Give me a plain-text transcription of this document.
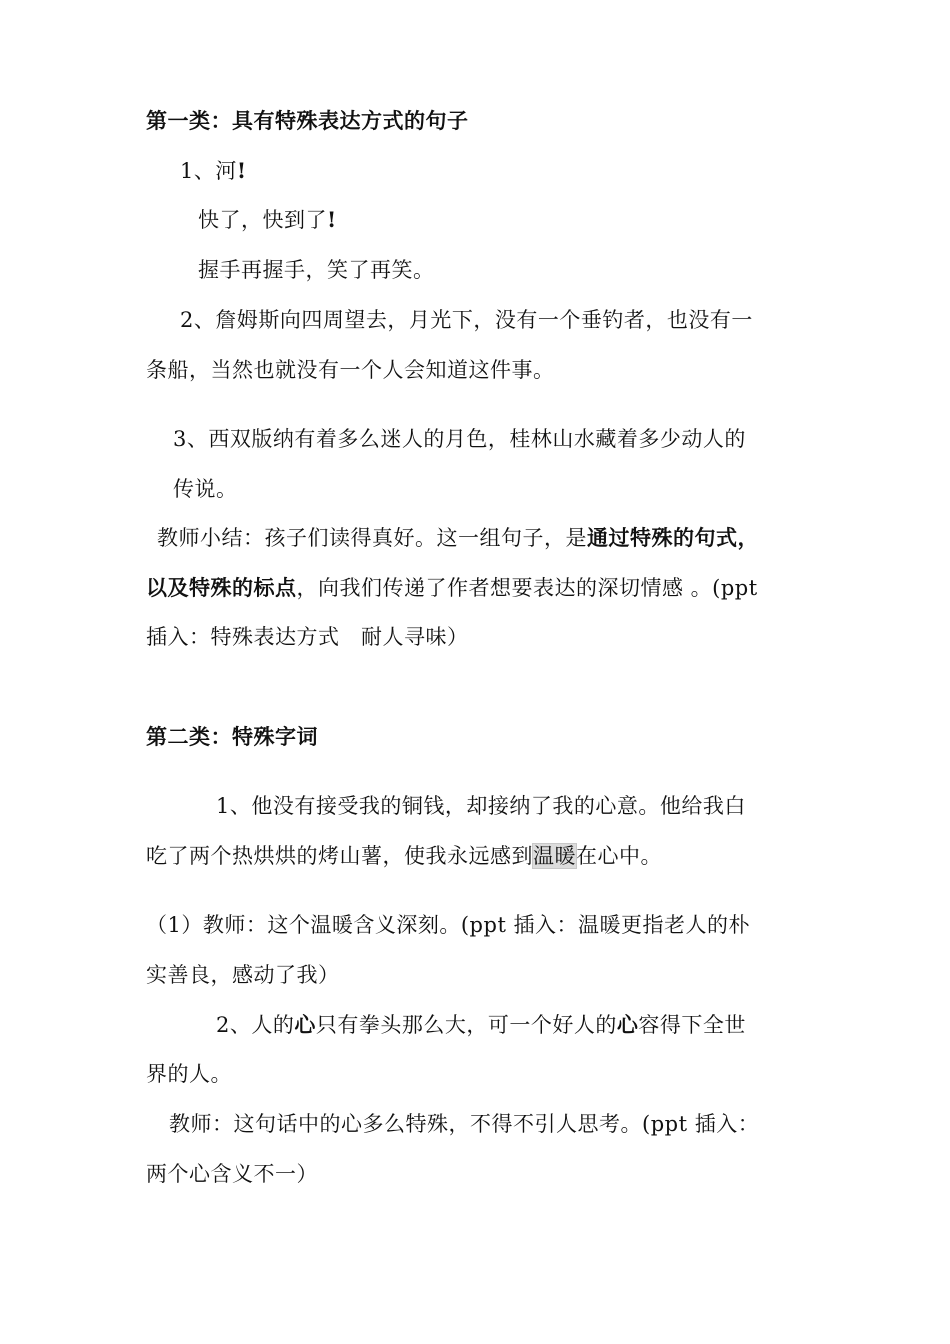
第一类：具有特殊表达方式的句子

1、河!

快了，快到了!

握手再握手，笑了再笑。

2、詹姆斯向四周望去，月光下，没有一个垂钓者，也没有一

条船，当然也就没有一个人会知道这件事。

3、西双版纳有着多么迷人的月色，桂林山水藏着多少动人的

传说。

教师小结：孩子们读得真好。这一组句子，是通过特殊的句式，

以及特殊的标点，向我们传递了作者想要表达的深切情感 。(ppt

插入：特殊表达方式　耐人寻味）

第二类：特殊字词

1、他没有接受我的铜钱，却接纳了我的心意。他给我白

吃了两个热烘烘的烤山薯，使我永远感到温暖在心中。

（1）教师：这个温暖含义深刻。(ppt 插入：温暖更指老人的朴

实善良，感动了我）

2、人的心只有拳头那么大，可一个好人的心容得下全世

界的人。

教师：这句话中的心多么特殊，不得不引人思考。(ppt 插入：

两个心含义不一）
